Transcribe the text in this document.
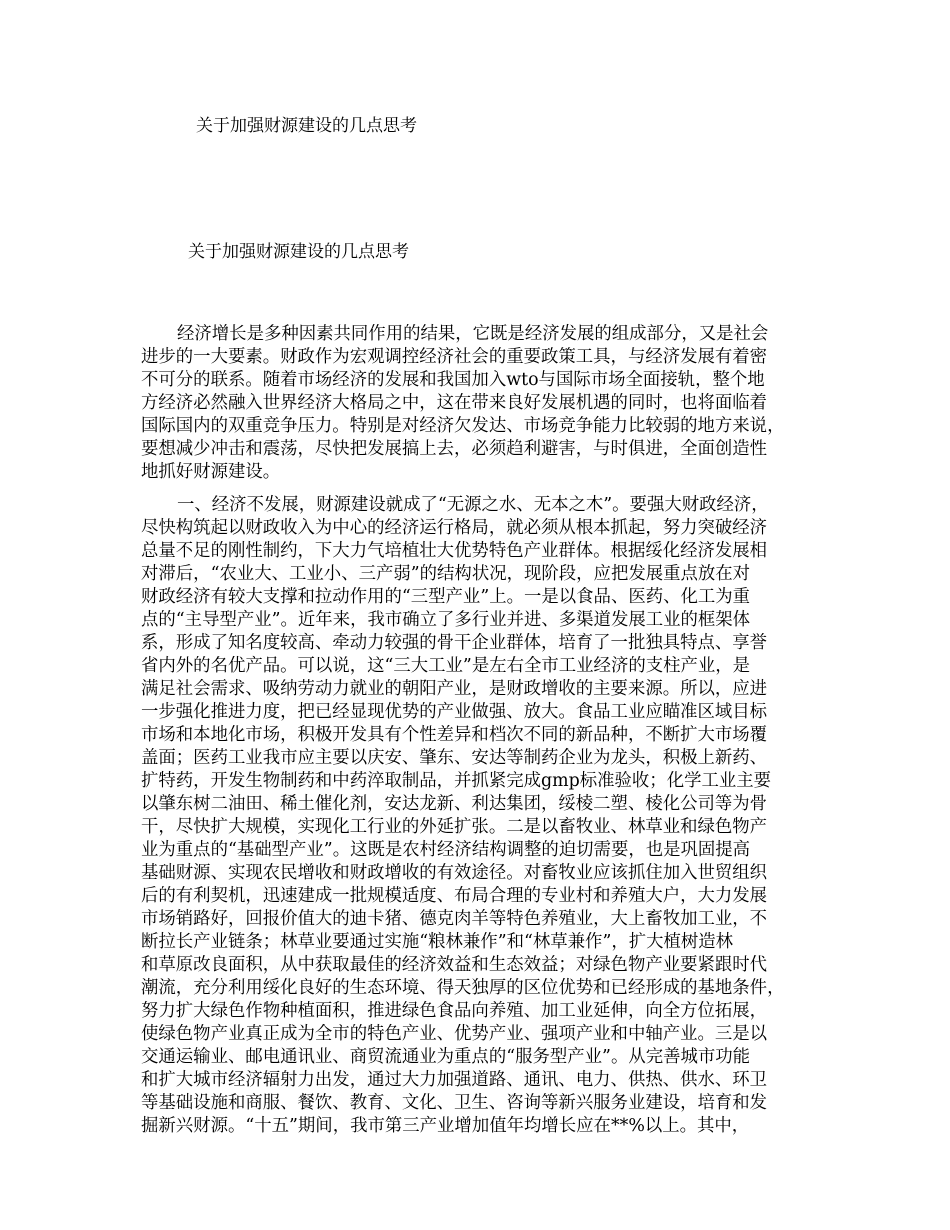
关于加强财源建设的几点思考
关于加强财源建设的几点思考
经济增长是多种因素共同作用的结果，它既是经济发展的组成部分，又是社会
进步的一大要素。财政作为宏观调控经济社会的重要政策工具，与经济发展有着密
不可分的联系。随着市场经济的发展和我国加入wto与国际市场全面接轨，整个地
方经济必然融入世界经济大格局之中，这在带来良好发展机遇的同时，也将面临着
国际国内的双重竞争压力。特别是对经济欠发达、市场竞争能力比较弱的地方来说，
要想减少冲击和震荡，尽快把发展搞上去，必须趋利避害，与时俱进，全面创造性
地抓好财源建设。
一、经济不发展，财源建设就成了“无源之水、无本之木”。要强大财政经济，
尽快构筑起以财政收入为中心的经济运行格局，就必须从根本抓起，努力突破经济
总量不足的刚性制约，下大力气培植壮大优势特色产业群体。根据绥化经济发展相
对滞后，“农业大、工业小、三产弱”的结构状况，现阶段，应把发展重点放在对
财政经济有较大支撑和拉动作用的“三型产业”上。一是以食品、医药、化工为重
点的“主导型产业”。近年来，我市确立了多行业并进、多渠道发展工业的框架体
系，形成了知名度较高、牵动力较强的骨干企业群体，培育了一批独具特点、享誉
省内外的名优产品。可以说，这“三大工业”是左右全市工业经济的支柱产业，是
满足社会需求、吸纳劳动力就业的朝阳产业，是财政增收的主要来源。所以，应进
一步强化推进力度，把已经显现优势的产业做强、放大。食品工业应瞄准区域目标
市场和本地化市场，积极开发具有个性差异和档次不同的新品种，不断扩大市场覆
盖面；医药工业我市应主要以庆安、肇东、安达等制药企业为龙头，积极上新药、
扩特药，开发生物制药和中药淬取制品，并抓紧完成gmp标准验收；化学工业主要
以肇东树二油田、稀土催化剂，安达龙新、利达集团，绥棱二塑、棱化公司等为骨
干，尽快扩大规模，实现化工行业的外延扩张。二是以畜牧业、林草业和绿色物产
业为重点的“基础型产业”。这既是农村经济结构调整的迫切需要，也是巩固提高
基础财源、实现农民增收和财政增收的有效途径。对畜牧业应该抓住加入世贸组织
后的有利契机，迅速建成一批规模适度、布局合理的专业村和养殖大户，大力发展
市场销路好，回报价值大的迪卡猪、德克肉羊等特色养殖业，大上畜牧加工业，不
断拉长产业链条；林草业要通过实施“粮林兼作”和“林草兼作”，扩大植树造林
和草原改良面积，从中获取最佳的经济效益和生态效益；对绿色物产业要紧跟时代
潮流，充分利用绥化良好的生态环境、得天独厚的区位优势和已经形成的基地条件，
努力扩大绿色作物种植面积，推进绿色食品向养殖、加工业延伸，向全方位拓展，
使绿色物产业真正成为全市的特色产业、优势产业、强项产业和中轴产业。三是以
交通运输业、邮电通讯业、商贸流通业为重点的“服务型产业”。从完善城市功能
和扩大城市经济辐射力出发，通过大力加强道路、通讯、电力、供热、供水、环卫
等基础设施和商服、餐饮、教育、文化、卫生、咨询等新兴服务业建设，培育和发
掘新兴财源。“十五”期间，我市第三产业增加值年均增长应在**%以上。其中，
